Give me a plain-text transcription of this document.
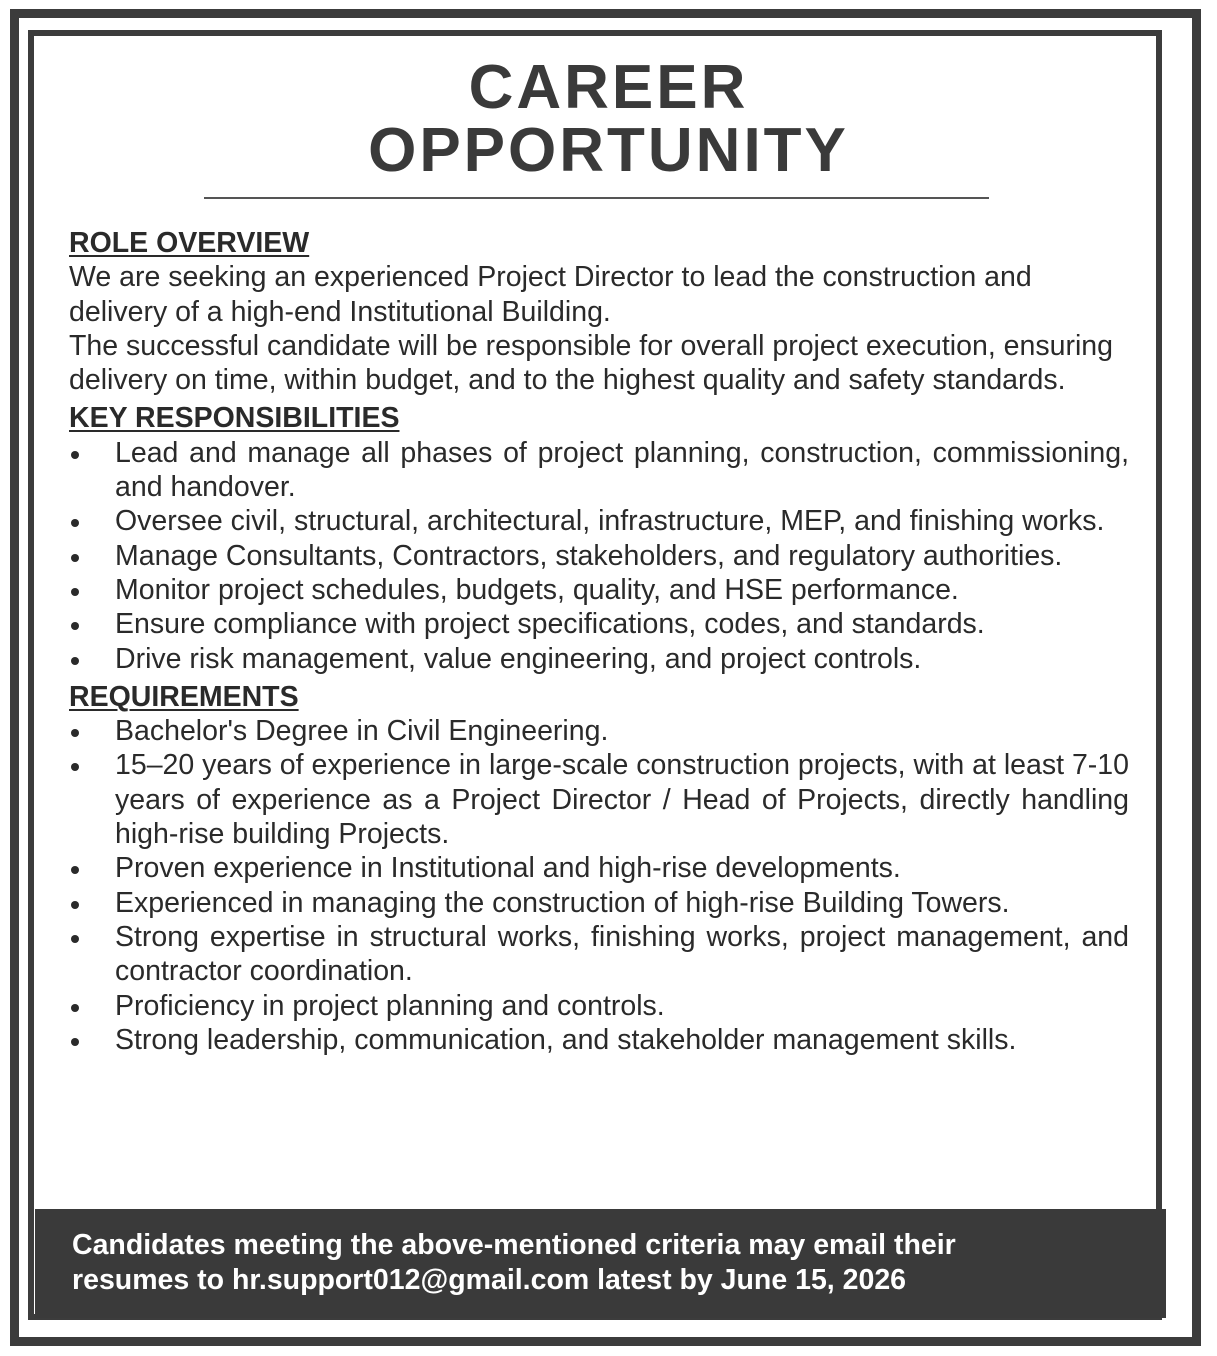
CAREER
OPPORTUNITY
ROLE OVERVIEW

We are seeking an experienced Project Director to lead the construction and delivery of a high-end Institutional Building.

The successful candidate will be responsible for overall project execution, ensuring delivery on time, within budget, and to the highest quality and safety standards.

KEY RESPONSIBILITIES
Lead and manage all phases of project planning, construction, commissioning, and handover.
Oversee civil, structural, architectural, infrastructure, MEP, and finishing works.
Manage Consultants, Contractors, stakeholders, and regulatory authorities.
Monitor project schedules, budgets, quality, and HSE performance.
Ensure compliance with project specifications, codes, and standards.
Drive risk management, value engineering, and project controls.
REQUIREMENTS
Bachelor's Degree in Civil Engineering.
15–20 years of experience in large-scale construction projects, with at least 7-10 years of experience as a Project Director / Head of Projects, directly handling high-rise building Projects.
Proven experience in Institutional and high-rise developments.
Experienced in managing the construction of high-rise Building Towers.
Strong expertise in structural works, finishing works, project management, and contractor coordination.
Proficiency in project planning and controls.
Strong leadership, communication, and stakeholder management skills.
Candidates meeting the above-mentioned criteria may email their
resumes to hr.support012@gmail.com latest by June 15, 2026
